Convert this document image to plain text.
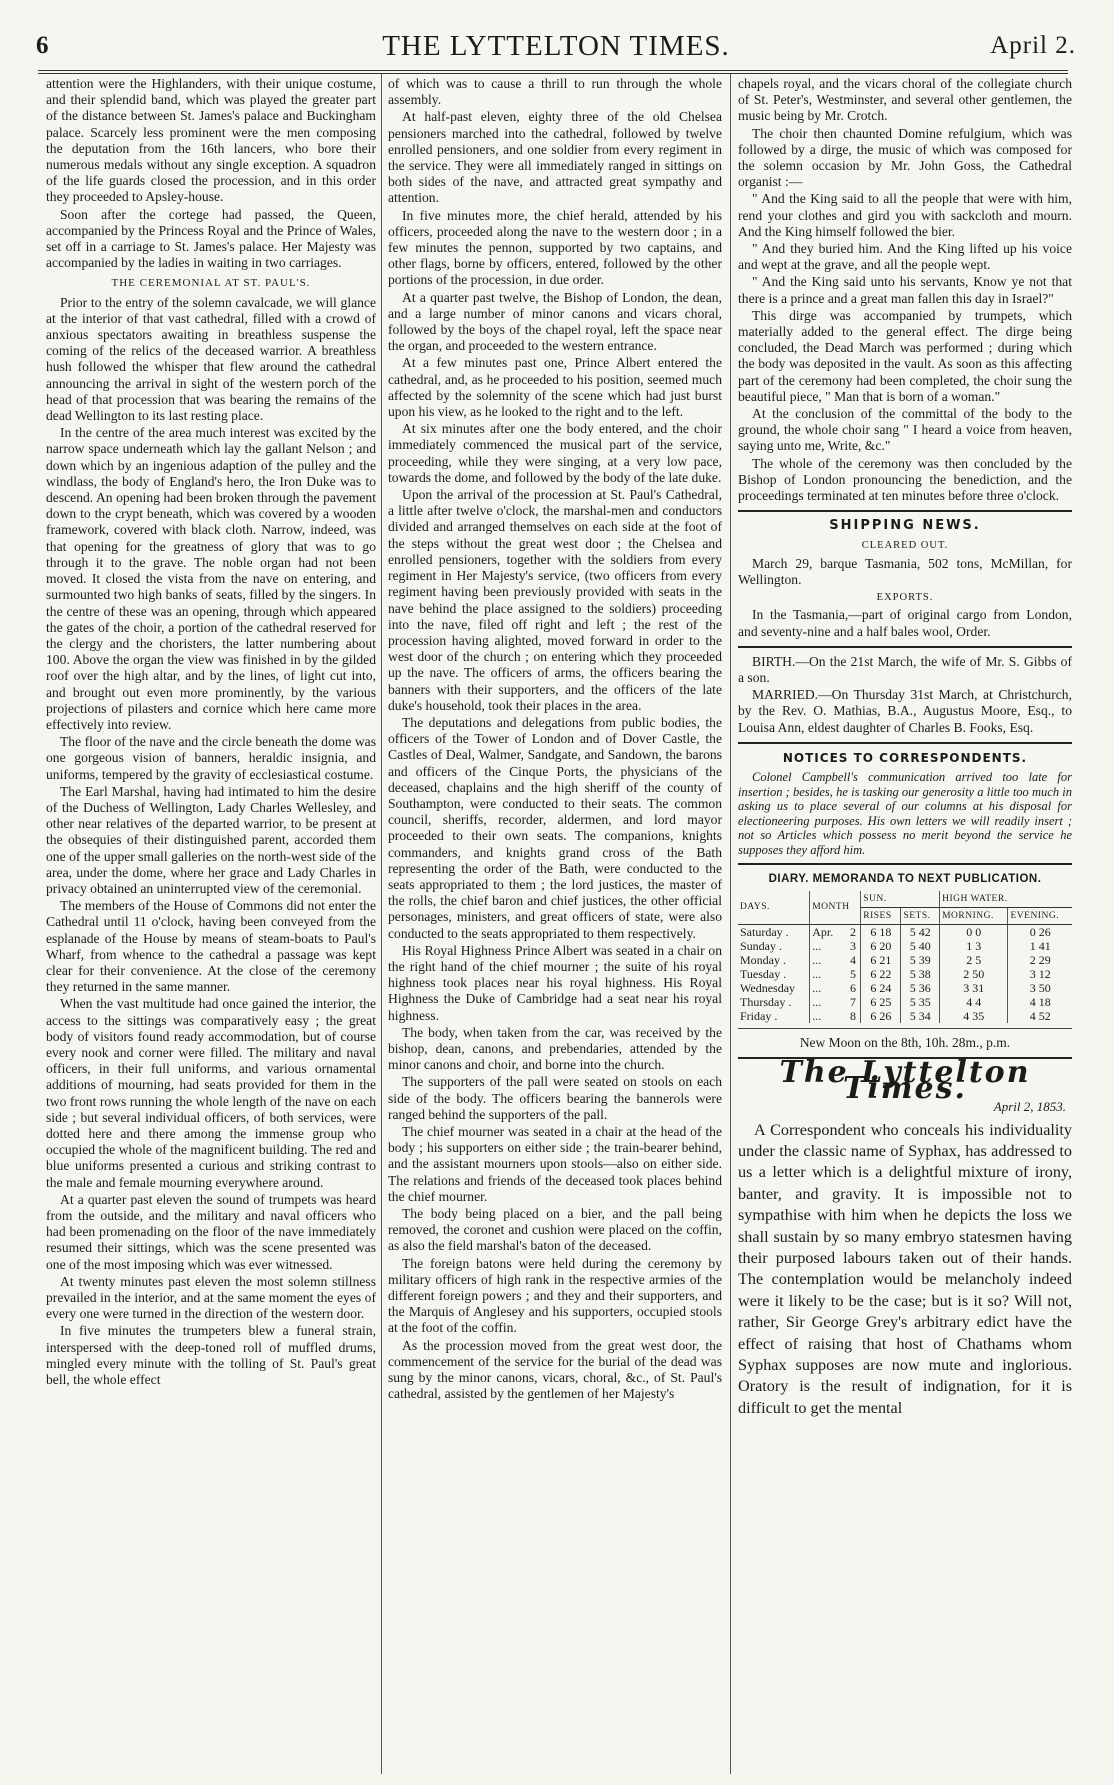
6	THE LYTTELTON TIMES.	April 2.

attention were the Highlanders, with their unique costume, and their splendid band, which was played the greater part of the distance between St. James's palace and Buckingham palace. Scarcely less prominent were the men composing the deputation from the 16th lancers, who bore their numerous medals without any single exception. A squadron of the life guards closed the procession, and in this order they proceeded to Apsley-house.

Soon after the cortege had passed, the Queen, accompanied by the Princess Royal and the Prince of Wales, set off in a carriage to St. James's palace. Her Majesty was accompanied by the ladies in waiting in two carriages.

THE CEREMONIAL AT ST. PAUL'S.

Prior to the entry of the solemn cavalcade, we will glance at the interior of that vast cathedral, filled with a crowd of anxious spectators awaiting in breathless suspense the coming of the relics of the deceased warrior. A breathless hush followed the whisper that flew around the cathedral announcing the arrival in sight of the western porch of the head of that procession that was bearing the remains of the dead Wellington to its last resting place.

In the centre of the area much interest was excited by the narrow space underneath which lay the gallant Nelson ; and down which by an ingenious adaption of the pulley and the windlass, the body of England's hero, the Iron Duke was to descend. An opening had been broken through the pavement down to the crypt beneath, which was covered by a wooden framework, covered with black cloth. Narrow, indeed, was that opening for the greatness of glory that was to go through it to the grave. The noble organ had not been moved. It closed the vista from the nave on entering, and surmounted two high banks of seats, filled by the singers. In the centre of these was an opening, through which appeared the gates of the choir, a portion of the cathedral reserved for the clergy and the choristers, the latter numbering about 100. Above the organ the view was finished in by the gilded roof over the high altar, and by the lines, of light cut into, and brought out even more prominently, by the various projections of pilasters and cornice which here came more effectively into review.

The floor of the nave and the circle beneath the dome was one gorgeous vision of banners, heraldic insignia, and uniforms, tempered by the gravity of ecclesiastical costume.

The Earl Marshal, having had intimated to him the desire of the Duchess of Wellington, Lady Charles Wellesley, and other near relatives of the departed warrior, to be present at the obsequies of their distinguished parent, accorded them one of the upper small galleries on the north-west side of the area, under the dome, where her grace and Lady Charles in privacy obtained an uninterrupted view of the ceremonial.

The members of the House of Commons did not enter the Cathedral until 11 o'clock, having been conveyed from the esplanade of the House by means of steam-boats to Paul's Wharf, from whence to the cathedral a passage was kept clear for their convenience. At the close of the ceremony they returned in the same manner.

When the vast multitude had once gained the interior, the access to the sittings was comparatively easy ; the great body of visitors found ready accommodation, but of course every nook and corner were filled. The military and naval officers, in their full uniforms, and various ornamental additions of mourning, had seats provided for them in the two front rows running the whole length of the nave on each side ; but several individual officers, of both services, were dotted here and there among the immense group who occupied the whole of the magnificent building. The red and blue uniforms presented a curious and striking contrast to the male and female mourning everywhere around.

At a quarter past eleven the sound of trumpets was heard from the outside, and the military and naval officers who had been promenading on the floor of the nave immediately resumed their sittings, which was the scene presented was one of the most imposing which was ever witnessed.

At twenty minutes past eleven the most solemn stillness prevailed in the interior, and at the same moment the eyes of every one were turned in the direction of the western door.

In five minutes the trumpeters blew a funeral strain, interspersed with the deep-toned roll of muffled drums, mingled every minute with the tolling of St. Paul's great bell, the whole effect

of which was to cause a thrill to run through the whole assembly.

At half-past eleven, eighty three of the old Chelsea pensioners marched into the cathedral, followed by twelve enrolled pensioners, and one soldier from every regiment in the service. They were all immediately ranged in sittings on both sides of the nave, and attracted great sympathy and attention.

In five minutes more, the chief herald, attended by his officers, proceeded along the nave to the western door ; in a few minutes the pennon, supported by two captains, and other flags, borne by officers, entered, followed by the other portions of the procession, in due order.

At a quarter past twelve, the Bishop of London, the dean, and a large number of minor canons and vicars choral, followed by the boys of the chapel royal, left the space near the organ, and proceeded to the western entrance.

At a few minutes past one, Prince Albert entered the cathedral, and, as he proceeded to his position, seemed much affected by the solemnity of the scene which had just burst upon his view, as he looked to the right and to the left.

At six minutes after one the body entered, and the choir immediately commenced the musical part of the service, proceeding, while they were singing, at a very low pace, towards the dome, and followed by the body of the late duke.

Upon the arrival of the procession at St. Paul's Cathedral, a little after twelve o'clock, the marshal-men and conductors divided and arranged themselves on each side at the foot of the steps without the great west door ; the Chelsea and enrolled pensioners, together with the soldiers from every regiment in Her Majesty's service, (two officers from every regiment having been previously provided with seats in the nave behind the place assigned to the soldiers) proceeding into the nave, filed off right and left ; the rest of the procession having alighted, moved forward in order to the west door of the church ; on entering which they proceeded up the nave. The officers of arms, the officers bearing the banners with their supporters, and the officers of the late duke's household, took their places in the area.

The deputations and delegations from public bodies, the officers of the Tower of London and of Dover Castle, the Castles of Deal, Walmer, Sandgate, and Sandown, the barons and officers of the Cinque Ports, the physicians of the deceased, chaplains and the high sheriff of the county of Southampton, were conducted to their seats. The common council, sheriffs, recorder, aldermen, and lord mayor proceeded to their own seats. The companions, knights commanders, and knights grand cross of the Bath representing the order of the Bath, were conducted to the seats appropriated to them ; the lord justices, the master of the rolls, the chief baron and chief justices, the other official personages, ministers, and great officers of state, were also conducted to the seats appropriated to them respectively.

His Royal Highness Prince Albert was seated in a chair on the right hand of the chief mourner ; the suite of his royal highness took places near his royal highness. His Royal Highness the Duke of Cambridge had a seat near his royal highness.

The body, when taken from the car, was received by the bishop, dean, canons, and prebendaries, attended by the minor canons and choir, and borne into the church.

The supporters of the pall were seated on stools on each side of the body. The officers bearing the bannerols were ranged behind the supporters of the pall.

The chief mourner was seated in a chair at the head of the body ; his supporters on either side ; the train-bearer behind, and the assistant mourners upon stools—also on either side. The relations and friends of the deceased took places behind the chief mourner.

The body being placed on a bier, and the pall being removed, the coronet and cushion were placed on the coffin, as also the field marshal's baton of the deceased.

The foreign batons were held during the ceremony by military officers of high rank in the respective armies of the different foreign powers ; and they and their supporters, and the Marquis of Anglesey and his supporters, occupied stools at the foot of the coffin.

As the procession moved from the great west door, the commencement of the service for the burial of the dead was sung by the minor canons, vicars, choral, &c., of St. Paul's cathedral, assisted by the gentlemen of her Majesty's

chapels royal, and the vicars choral of the collegiate church of St. Peter's, Westminster, and several other gentlemen, the music being by Mr. Crotch.

The choir then chaunted Domine refulgium, which was followed by a dirge, the music of which was composed for the solemn occasion by Mr. John Goss, the Cathedral organist :—

" And the King said to all the people that were with him, rend your clothes and gird you with sackcloth and mourn. And the King himself followed the bier.

" And they buried him. And the King lifted up his voice and wept at the grave, and all the people wept.

" And the King said unto his servants, Know ye not that there is a prince and a great man fallen this day in Israel?"

This dirge was accompanied by trumpets, which materially added to the general effect. The dirge being concluded, the Dead March was performed ; during which the body was deposited in the vault. As soon as this affecting part of the ceremony had been completed, the choir sung the beautiful piece, " Man that is born of a woman."

At the conclusion of the committal of the body to the ground, the whole choir sang " I heard a voice from heaven, saying unto me, Write, &c."

The whole of the ceremony was then concluded by the Bishop of London pronouncing the benediction, and the proceedings terminated at ten minutes before three o'clock.

SHIPPING NEWS.
CLEARED OUT.

March 29, barque Tasmania, 502 tons, McMillan, for Wellington.

EXPORTS.

In the Tasmania,—part of original cargo from London, and seventy-nine and a half bales wool, Order.

BIRTH.—On the 21st March, the wife of Mr. S. Gibbs of a son.

MARRIED.—On Thursday 31st March, at Christchurch, by the Rev. O. Mathias, B.A., Augustus Moore, Esq., to Louisa Ann, eldest daughter of Charles B. Fooks, Esq.

NOTICES TO CORRESPONDENTS.

Colonel Campbell's communication arrived too late for insertion ; besides, he is tasking our generosity a little too much in asking us to place several of our columns at his disposal for electioneering purposes. His own letters we will readily insert ; not so Articles which possess no merit beyond the service he supposes they afford him.

DIARY. MEMORANDA TO NEXT PUBLICATION.
DAYS.	MONTH		SUN.		HIGH WATER.	
			RISES	SETS.	MORNING.	EVENING.
Saturday .	Apr.	2	6 18	5 42	0 0	0 26
Sunday .	...	3	6 20	5 40	1 3	1 41
Monday .	...	4	6 21	5 39	2 5	2 29
Tuesday .	...	5	6 22	5 38	2 50	3 12
Wednesday	...	6	6 24	5 36	3 31	3 50
Thursday .	...	7	6 25	5 35	4 4	4 18
Friday .	...	8	6 26	5 34	4 35	4 52
New Moon on the 8th, 10h. 28m., p.m.
The Lyttelton Times.
April 2, 1853.

A Correspondent who conceals his individuality under the classic name of Syphax, has addressed to us a letter which is a delightful mixture of irony, banter, and gravity. It is impossible not to sympathise with him when he depicts the loss we shall sustain by so many embryo statesmen having their purposed labours taken out of their hands. The contemplation would be melancholy indeed were it likely to be the case; but is it so? Will not, rather, Sir George Grey's arbitrary edict have the effect of raising that host of Chathams whom Syphax supposes are now mute and inglorious. Oratory is the result of indignation, for it is difficult to get the mental
